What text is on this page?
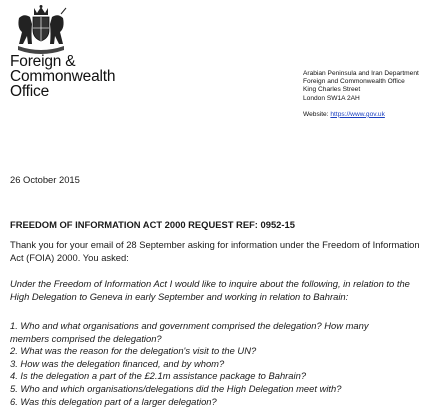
Foreign &
Commonwealth
Office
Arabian Peninsula and Iran Department
Foreign and Commonwealth Office
King Charles Street
London SW1A 2AH
Website: https://www.gov.uk
26 October 2015
FREEDOM OF INFORMATION ACT 2000 REQUEST REF: 0952-15
Thank you for your email of 28 September asking for information under the Freedom of Information Act (FOIA) 2000. You asked:
Under the Freedom of Information Act I would like to inquire about the following, in relation to the High Delegation to Geneva in early September and working in relation to Bahrain:
1. Who and what organisations and government comprised the delegation? How many
members comprised the delegation?
2. What was the reason for the delegation's visit to the UN?
3. How was the delegation financed, and by whom?
4. Is the delegation a part of the £2.1m assistance package to Bahrain?
5. Who and which organisations/delegations did the High Delegation meet with?
6. Was this delegation part of a larger delegation?
